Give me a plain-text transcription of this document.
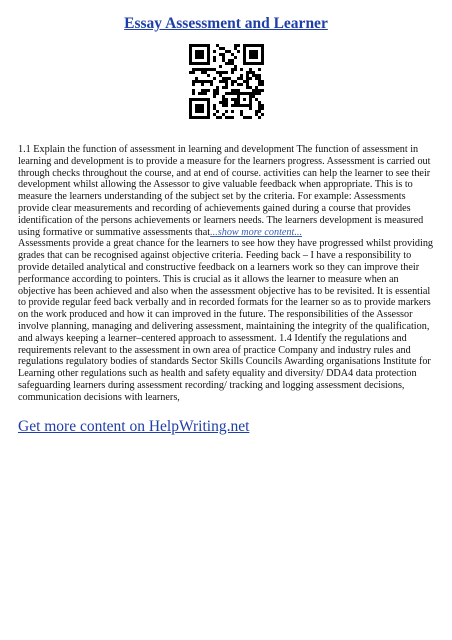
Essay Assessment and Learner

1.1 Explain the function of assessment in learning and development The function of assessment in learning and development is to provide a measure for the learners progress. Assessment is carried out through checks throughout the course, and at end of course. activities can help the learner to see their development whilst allowing the Assessor to give valuable feedback when appropriate. This is to measure the learners understanding of the subject set by the criteria. For example: Assessments provide clear measurements and recording of achievements gained during a course that provides identification of the persons achievements or learners needs. The learners development is measured using formative or summative assessments that...show more content...

Assessments provide a great chance for the learners to see how they have progressed whilst providing grades that can be recognised against objective criteria. Feeding back – I have a responsibility to provide detailed analytical and constructive feedback on a learners work so they can improve their performance according to pointers. This is crucial as it allows the learner to measure when an objective has been achieved and also when the assessment objective has to be revisited. It is essential to provide regular feed back verbally and in recorded formats for the learner so as to provide markers on the work produced and how it can improved in the future. The responsibilities of the Assessor involve planning, managing and delivering assessment, maintaining the integrity of the qualification, and always keeping a learner–centered approach to assessment. 1.4 Identify the regulations and requirements relevant to the assessment in own area of practice Company and industry rules and regulations regulatory bodies of standards Sector Skills Councils Awarding organisations Institute for Learning other regulations such as health and safety equality and diversity/ DDA4 data protection safeguarding learners during assessment recording/ tracking and logging assessment decisions, communication decisions with learners,

Get more content on HelpWriting.net
